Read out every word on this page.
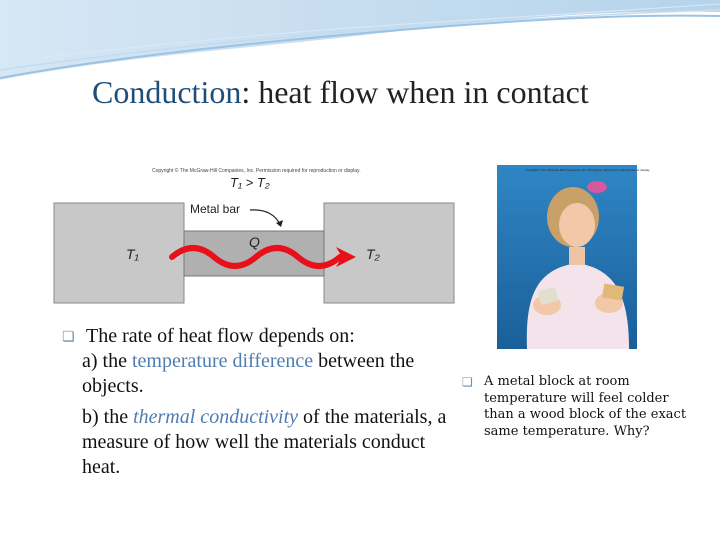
Conduction: heat flow when in contact
Copyright © The McGraw-Hill Companies, Inc. Permission required for reproduction or display.
T₁ > T₂
Metal bar
T₁	T₂
Q
❏ The rate of heat flow depends on:
a) the temperature difference between the objects.
b) the thermal conductivity of the materials, a measure of how well the materials conduct heat.
Copyright © The McGraw-Hill Companies, Inc. Permission required for reproduction or display.
❏ A metal block at room temperature will feel colder than a wood block of the exact same temperature. Why?
